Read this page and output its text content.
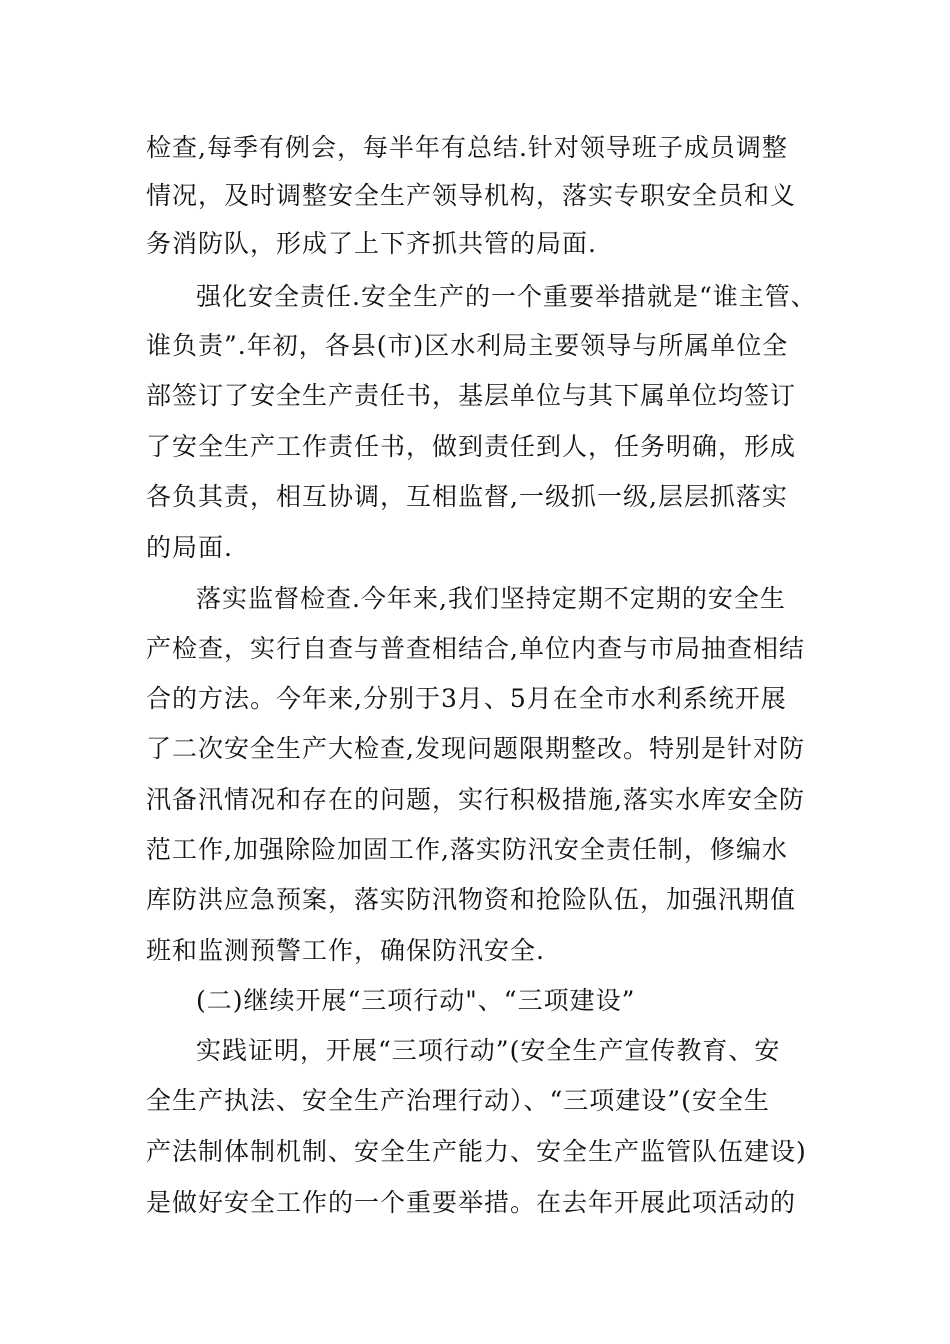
检查,每季有例会，每半年有总结.针对领导班子成员调整
情况，及时调整安全生产领导机构，落实专职安全员和义
务消防队，形成了上下齐抓共管的局面.
强化安全责任.安全生产的一个重要举措就是“谁主管、
谁负责”.年初，各县(市)区水利局主要领导与所属单位全
部签订了安全生产责任书，基层单位与其下属单位均签订
了安全生产工作责任书，做到责任到人，任务明确，形成
各负其责，相互协调，互相监督,一级抓一级,层层抓落实
的局面.
落实监督检查.今年来,我们坚持定期不定期的安全生
产检查，实行自查与普查相结合,单位内查与市局抽查相结
合的方法。今年来,分别于3月、5月在全市水利系统开展
了二次安全生产大检查,发现问题限期整改。特别是针对防
汛备汛情况和存在的问题，实行积极措施,落实水库安全防
范工作,加强除险加固工作,落实防汛安全责任制，修编水
库防洪应急预案，落实防汛物资和抢险队伍，加强汛期值
班和监测预警工作，确保防汛安全.
(二)继续开展“三项行动"、“三项建设”
实践证明，开展“三项行动”(安全生产宣传教育、安
全生产执法、安全生产治理行动）、“三项建设”(安全生
产法制体制机制、安全生产能力、安全生产监管队伍建设)
是做好安全工作的一个重要举措。在去年开展此项活动的
